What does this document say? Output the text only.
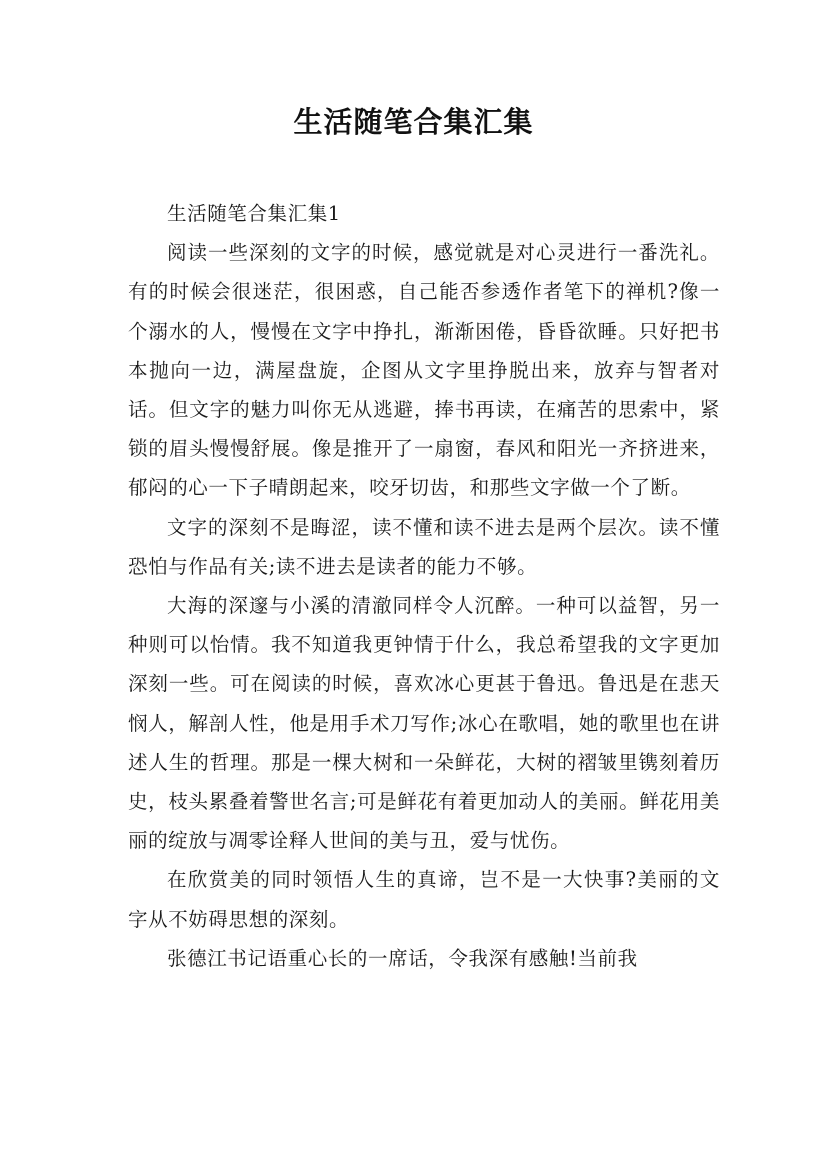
生活随笔合集汇集

生活随笔合集汇集1

阅读一些深刻的文字的时候，感觉就是对心灵进行一番洗礼。有的时候会很迷茫，很困惑，自己能否参透作者笔下的禅机?像一个溺水的人，慢慢在文字中挣扎，渐渐困倦，昏昏欲睡。只好把书本抛向一边，满屋盘旋，企图从文字里挣脱出来，放弃与智者对话。但文字的魅力叫你无从逃避，捧书再读，在痛苦的思索中，紧锁的眉头慢慢舒展。像是推开了一扇窗，春风和阳光一齐挤进来，郁闷的心一下子晴朗起来，咬牙切齿，和那些文字做一个了断。

文字的深刻不是晦涩，读不懂和读不进去是两个层次。读不懂恐怕与作品有关;读不进去是读者的能力不够。

大海的深邃与小溪的清澈同样令人沉醉。一种可以益智，另一种则可以怡情。我不知道我更钟情于什么，我总希望我的文字更加深刻一些。可在阅读的时候，喜欢冰心更甚于鲁迅。鲁迅是在悲天悯人，解剖人性，他是用手术刀写作;冰心在歌唱，她的歌里也在讲述人生的哲理。那是一棵大树和一朵鲜花，大树的褶皱里镌刻着历史，枝头累叠着警世名言;可是鲜花有着更加动人的美丽。鲜花用美丽的绽放与凋零诠释人世间的美与丑，爱与忧伤。

在欣赏美的同时领悟人生的真谛，岂不是一大快事?美丽的文字从不妨碍思想的深刻。

张德江书记语重心长的一席话，令我深有感触!当前我
